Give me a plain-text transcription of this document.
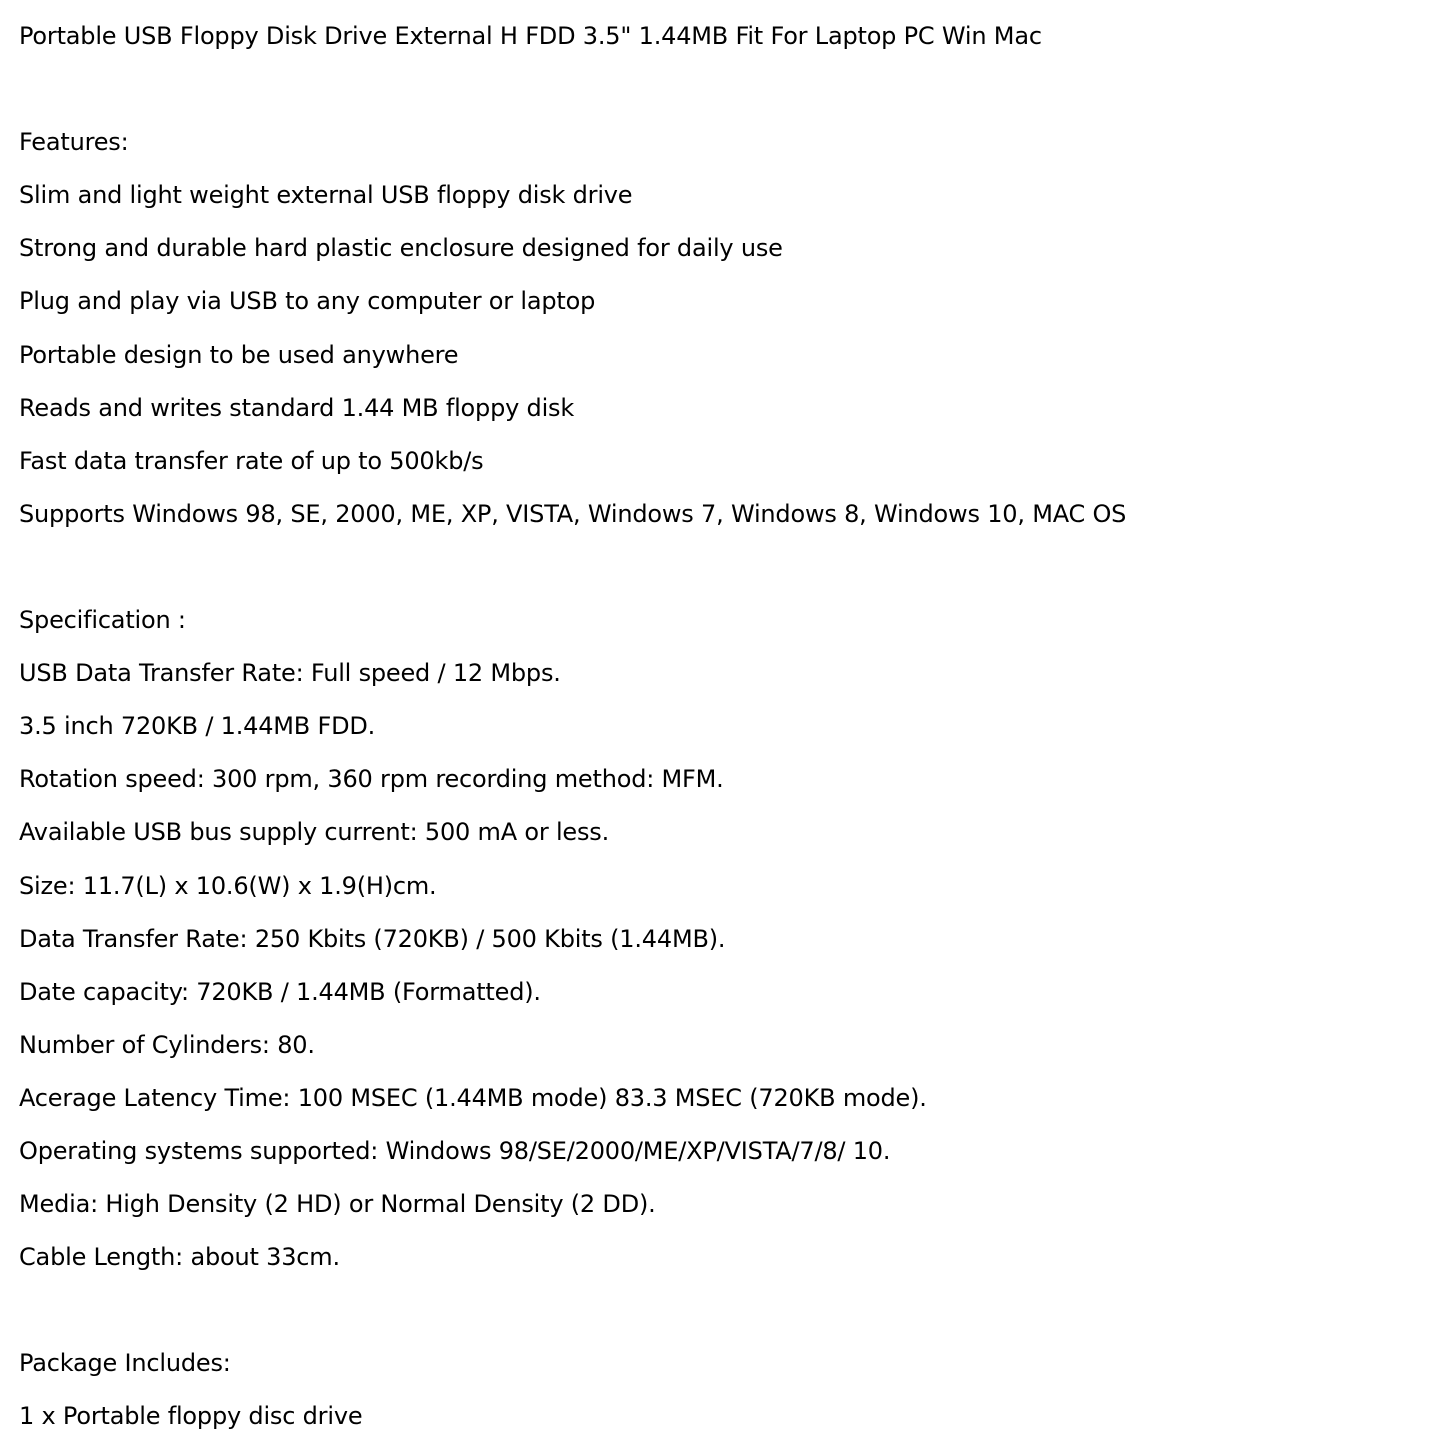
Portable USB Floppy Disk Drive External H FDD 3.5" 1.44MB Fit For Laptop PC Win Mac
Features:
Slim and light weight external USB floppy disk drive
Strong and durable hard plastic enclosure designed for daily use
Plug and play via USB to any computer or laptop
Portable design to be used anywhere
Reads and writes standard 1.44 MB floppy disk
Fast data transfer rate of up to 500kb/s
Supports Windows 98, SE, 2000, ME, XP, VISTA, Windows 7, Windows 8, Windows 10, MAC OS
Specification :
USB Data Transfer Rate: Full speed / 12 Mbps.
3.5 inch 720KB / 1.44MB FDD.
Rotation speed: 300 rpm, 360 rpm recording method: MFM.
Available USB bus supply current: 500 mA or less.
Size: 11.7(L) x 10.6(W) x 1.9(H)cm.
Data Transfer Rate: 250 Kbits (720KB) / 500 Kbits (1.44MB).
Date capacity: 720KB / 1.44MB (Formatted).
Number of Cylinders: 80.
Acerage Latency Time: 100 MSEC (1.44MB mode) 83.3 MSEC (720KB mode).
Operating systems supported: Windows 98/SE/2000/ME/XP/VISTA/7/8/ 10.
Media: High Density (2 HD) or Normal Density (2 DD).
Cable Length: about 33cm.
Package Includes:
1 x Portable floppy disc drive
